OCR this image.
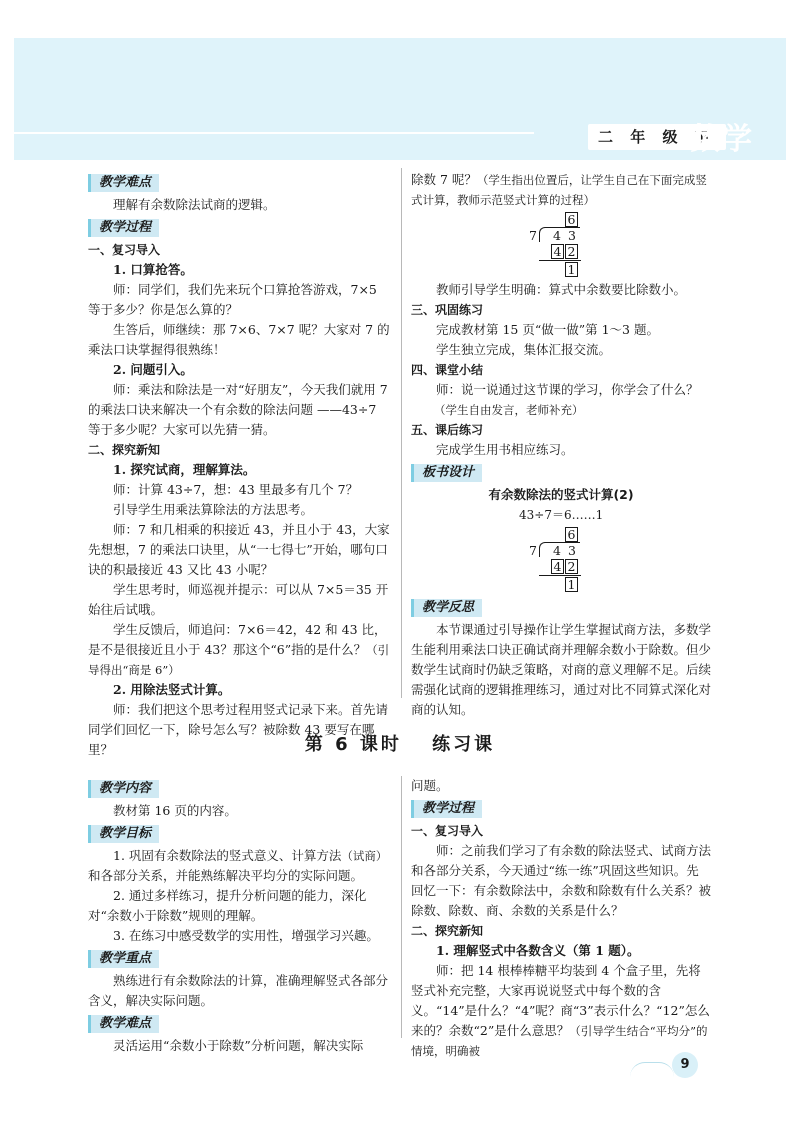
二 年 级 下
数学
教学难点

理解有余数除法试商的逻辑。

教学过程

一、复习导入

1. 口算抢答。

师：同学们，我们先来玩个口算抢答游戏，7×5 等于多少？你是怎么算的？

生答后，师继续：那 7×6、7×7 呢？大家对 7 的乘法口诀掌握得很熟练！

2. 问题引入。

师：乘法和除法是一对“好朋友”，今天我们就用 7 的乘法口诀来解决一个有余数的除法问题 ——43÷7 等于多少呢？大家可以先猜一猜。

二、探究新知

1. 探究试商，理解算法。

师：计算 43÷7，想：43 里最多有几个 7？

引导学生用乘法算除法的方法思考。

师：7 和几相乘的积接近 43，并且小于 43，大家先想想，7 的乘法口诀里，从“一七得七”开始，哪句口诀的积最接近 43 又比 43 小呢？

学生思考时，师巡视并提示：可以从 7×5＝35 开始往后试哦。

学生反馈后，师追问：7×6＝42，42 和 43 比，是不是很接近且小于 43？那这个“6”指的是什么？（引导得出“商是 6”）

2. 用除法竖式计算。

师：我们把这个思考过程用竖式记录下来。首先请同学们回忆一下，除号怎么写？被除数 43 要写在哪里？

除数 7 呢？（学生指出位置后，让学生自己在下面完成竖式计算，教师示范竖式计算的过程）

6
7 4 3
4 2
1

教师引导学生明确：算式中余数要比除数小。

三、巩固练习

完成教材第 15 页“做一做”第 1～3 题。

学生独立完成，集体汇报交流。

四、课堂小结

师：说一说通过这节课的学习，你学会了什么？

（学生自由发言，老师补充）

五、课后练习

完成学生用书相应练习。

板书设计

有余数除法的竖式计算(2)

43÷7＝6……1

6
7 4 3
4 2
1
教学反思

本节课通过引导操作让学生掌握试商方法，多数学生能利用乘法口诀正确试商并理解余数小于除数。但少数学生试商时仍缺乏策略，对商的意义理解不足。后续需强化试商的逻辑推理练习，通过对比不同算式深化对商的认知。

第 6 课时　 练习课
教学内容

教材第 16 页的内容。

教学目标

1. 巩固有余数除法的竖式意义、计算方法（试商）和各部分关系，并能熟练解决平均分的实际问题。

2. 通过多样练习，提升分析问题的能力，深化对“余数小于除数”规则的理解。

3. 在练习中感受数学的实用性，增强学习兴趣。

教学重点

熟练进行有余数除法的计算，准确理解竖式各部分含义，解决实际问题。

教学难点

灵活运用“余数小于除数”分析问题，解决实际

问题。

教学过程

一、复习导入

师：之前我们学习了有余数的除法竖式、试商方法和各部分关系，今天通过“练一练”巩固这些知识。先回忆一下：有余数除法中，余数和除数有什么关系？被除数、除数、商、余数的关系是什么？

二、探究新知

1. 理解竖式中各数含义（第 1 题）。

师：把 14 根棒棒糖平均装到 4 个盒子里，先将竖式补充完整，大家再说说竖式中每个数的含义。“14”是什么？“4”呢？商“3”表示什么？“12”怎么来的？余数“2”是什么意思？（引导学生结合“平均分”的情境，明确被

9
